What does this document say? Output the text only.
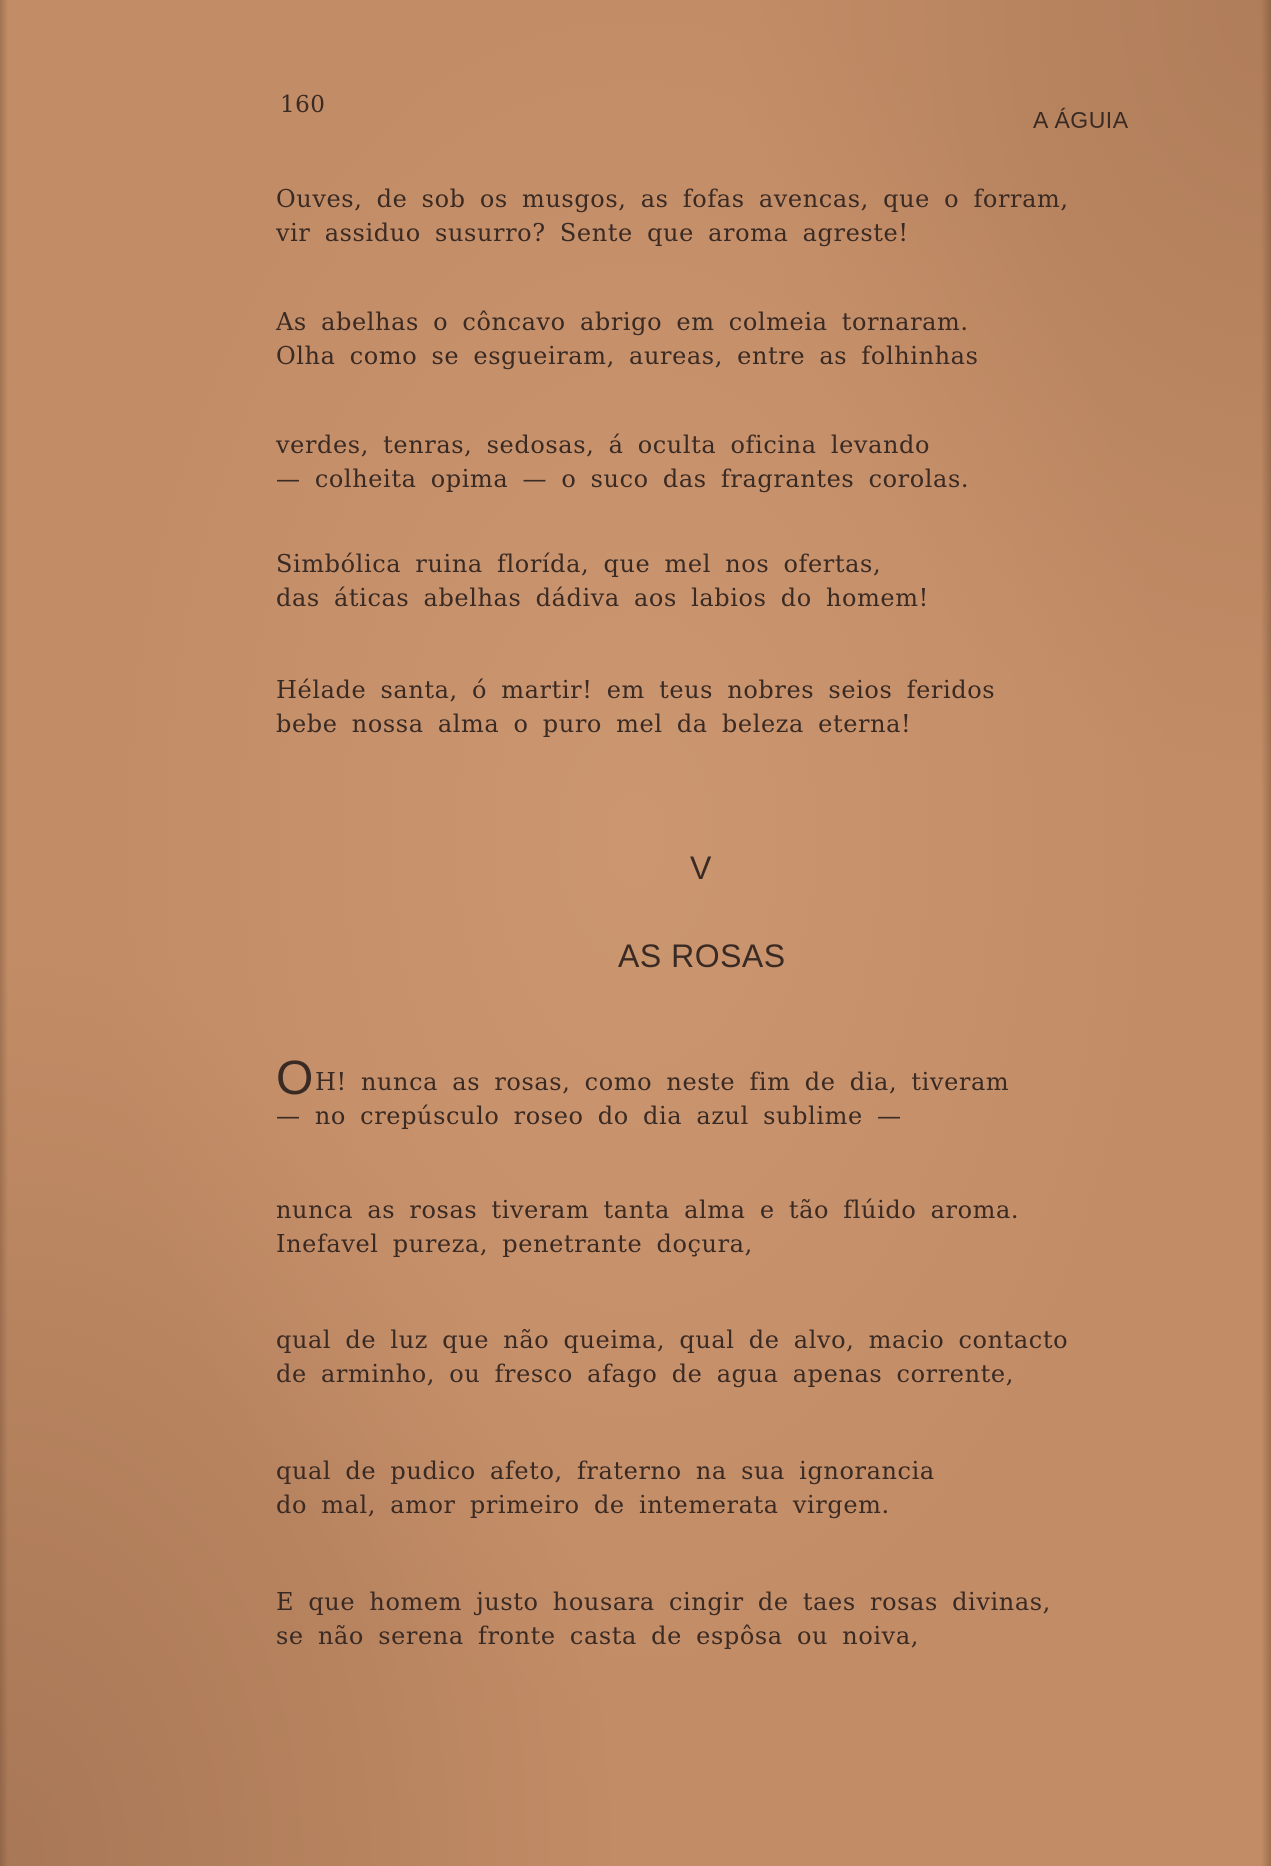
160
A ÁGUIA

Ouves, de sob os musgos, as fofas avencas, que o forram,
vir assiduo susurro? Sente que aroma agreste!

As abelhas o côncavo abrigo em colmeia tornaram.
Olha como se esgueiram, aureas, entre as folhinhas

verdes, tenras, sedosas, á oculta oficina levando
— colheita opima — o suco das fragrantes corolas.

Simbólica ruina florída, que mel nos ofertas,
das áticas abelhas dádiva aos labios do homem!

Hélade santa, ó martir! em teus nobres seios feridos
bebe nossa alma o puro mel da beleza eterna!

V
AS ROSAS

OH! nunca as rosas, como neste fim de dia, tiveram
— no crepúsculo roseo do dia azul sublime —

nunca as rosas tiveram tanta alma e tão flúido aroma.
Inefavel pureza, penetrante doçura,

qual de luz que não queima, qual de alvo, macio contacto
de arminho, ou fresco afago de agua apenas corrente,

qual de pudico afeto, fraterno na sua ignorancia
do mal, amor primeiro de intemerata virgem.

E que homem justo housara cingir de taes rosas divinas,
se não serena fronte casta de espôsa ou noiva,
